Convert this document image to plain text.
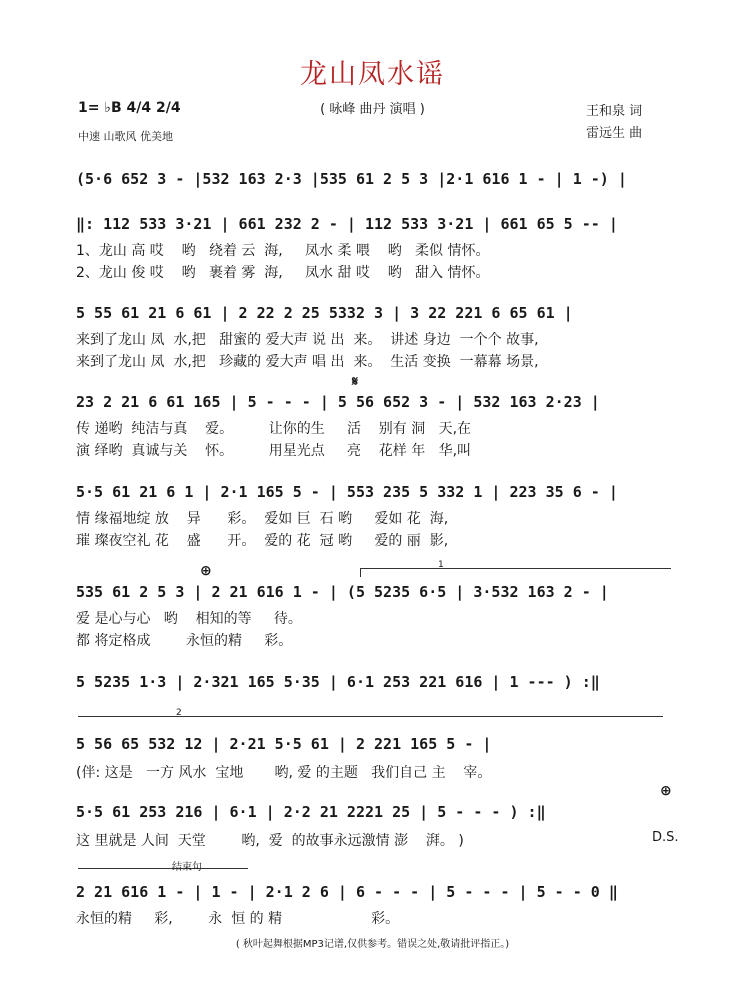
龙山凤水谣
( 咏峰 曲丹 演唱 )
1= ♭B 4/4 2/4
中速 山歌风 优美地
王和泉 词
雷远生 曲
(5·6 652 3 - |532 163 2·3 |535 61 2 5 3 |2·1 616 1 - | 1 -) |
‖: 112 533 3·21 | 661 232 2 - | 112 533 3·21 | 661 65 5 -- |
1、龙山 高 哎    哟   绕着 云  海,     凤水 柔 喂    哟   柔似 情怀。
2、龙山 俊 哎    哟   裹着 雾  海,     凤水 甜 哎    哟   甜入 情怀。
5 55 61 21 6 61 | 2 22 2 25 5332 3 | 3 22 221 6 65 61 |
来到了龙山 凤  水,把   甜蜜的 爱大声 说 出  来。  讲述 身边  一个个 故事,
来到了龙山 凤  水,把   珍藏的 爱大声 唱 出  来。  生活 变换  一幕幕 场景,
𝄋
23 2 21 6 61 165 | 5 - - - | 5 56 652 3 - | 532 163 2·23 |
传 递哟  纯洁与真    爱。        让你的生     活    别有 洞   天,在
演 绎哟  真诚与关    怀。        用星光点     亮    花样 年   华,叫
5·5 61 21 6 1 | 2·1 165 5 - | 553 235 5 332 1 | 223 35 6 - |
情 缘福地绽 放    异      彩。  爱如 巨  石 哟     爱如 花  海,
璀 璨夜空礼 花    盛      开。  爱的 花  冠 哟     爱的 丽  影,
⊕	1
535 61 2 5 3 | 2 21 616 1 - | (5 5235 6·5 | 3·532 163 2 - |
爱 是心与心   哟    相知的等     待。
都 将定格成        永恒的精     彩。
5 5235 1·3 | 2·321 165 5·35 | 6·1 253 221 616 | 1 --- ) :‖
2
5 56 65 532 12 | 2·21 5·5 61 | 2 221 165 5 - |
(伴: 这是   一方 风水  宝地       哟, 爱 的主题   我们自己 主    宰。
⊕
5·5 61 253 216 | 6·1 | 2·2 21 2221 25 | 5 - - - ) :‖
这 里就是 人间  天堂        哟,  爱  的故事永远激情 澎    湃。 )	D.S.
结束句
2 21 616 1 - | 1 - | 2·1 2 6 | 6 - - - | 5 - - - | 5 - - 0 ‖
永恒的精     彩,        永  恒 的 精                    彩。
( 秋叶起舞根据MP3记谱,仅供参考。错误之处,敬请批评指正。)
